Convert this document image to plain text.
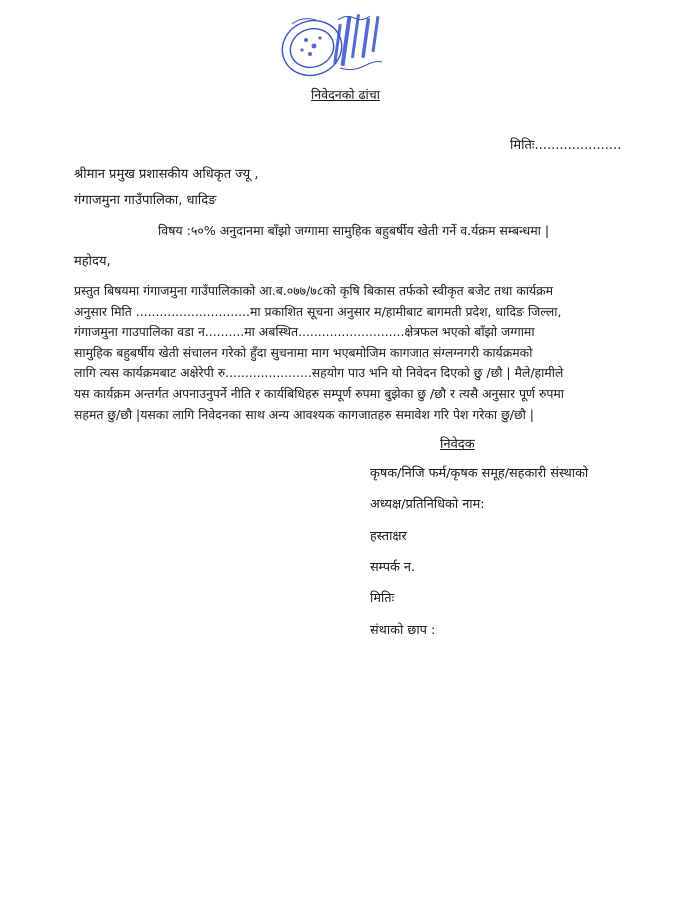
निवेदनको ढांचा
मितिः.....................
श्रीमान प्रमुख प्रशासकीय अधिकृत ज्यू ,
गंगाजमुना गाउँपालिका, धादिङ
विषय :५०% अनुदानमा बाँझो जग्गामा सामुहिक बहुबर्षीय खेती गर्ने व.र्यक्रम सम्बन्धमा |
महोदय,

प्रस्तुत बिषयमा गंगाजमुना गाउँपालिकाको आ.ब.०७७/७८को कृषि बिकास तर्फको स्वीकृत बजेट तथा कार्यक्रम

अनुसार मिति .............................मा प्रकाशित सूचना अनुसार म/हामीबाट बागमती प्रदेश, धादिङ जिल्ला,

गंगाजमुना गाउपालिका वडा न..........मा अबस्थित...........................क्षेत्रफल भएको बाँझो जग्गामा

सामुहिक बहुबर्षीय खेती संचालन गरेको हुँदा सुचनामा माग भएबमोजिम कागजात संग्लग्नगरी कार्यक्रमको

लागि त्यस कार्यक्रमबाट अक्षेरेपी रु......................सहयोग पाउ भनि यो निवेदन दिएको छु /छौ | मैले/हामीले

यस कार्यक्रम अन्तर्गत अपनाउनुपर्ने नीति र कार्यबिधिहरु सम्पूर्ण रुपमा बुझेका छु /छौ र त्यसै अनुसार पूर्ण रुपमा

सहमत छु/छौ |यसका लागि निवेदनका साथ अन्य आवश्यक कागजातहरु समावेश गरि पेश गरेका छु/छौ |

निवेदक
कृषक/निजि फर्म/कृषक समूह/सहकारी संस्थाको
अध्यक्ष/प्रतिनिधिको नाम:
हस्ताक्षर
सम्पर्क न.
मितिः
संथाको छाप :
